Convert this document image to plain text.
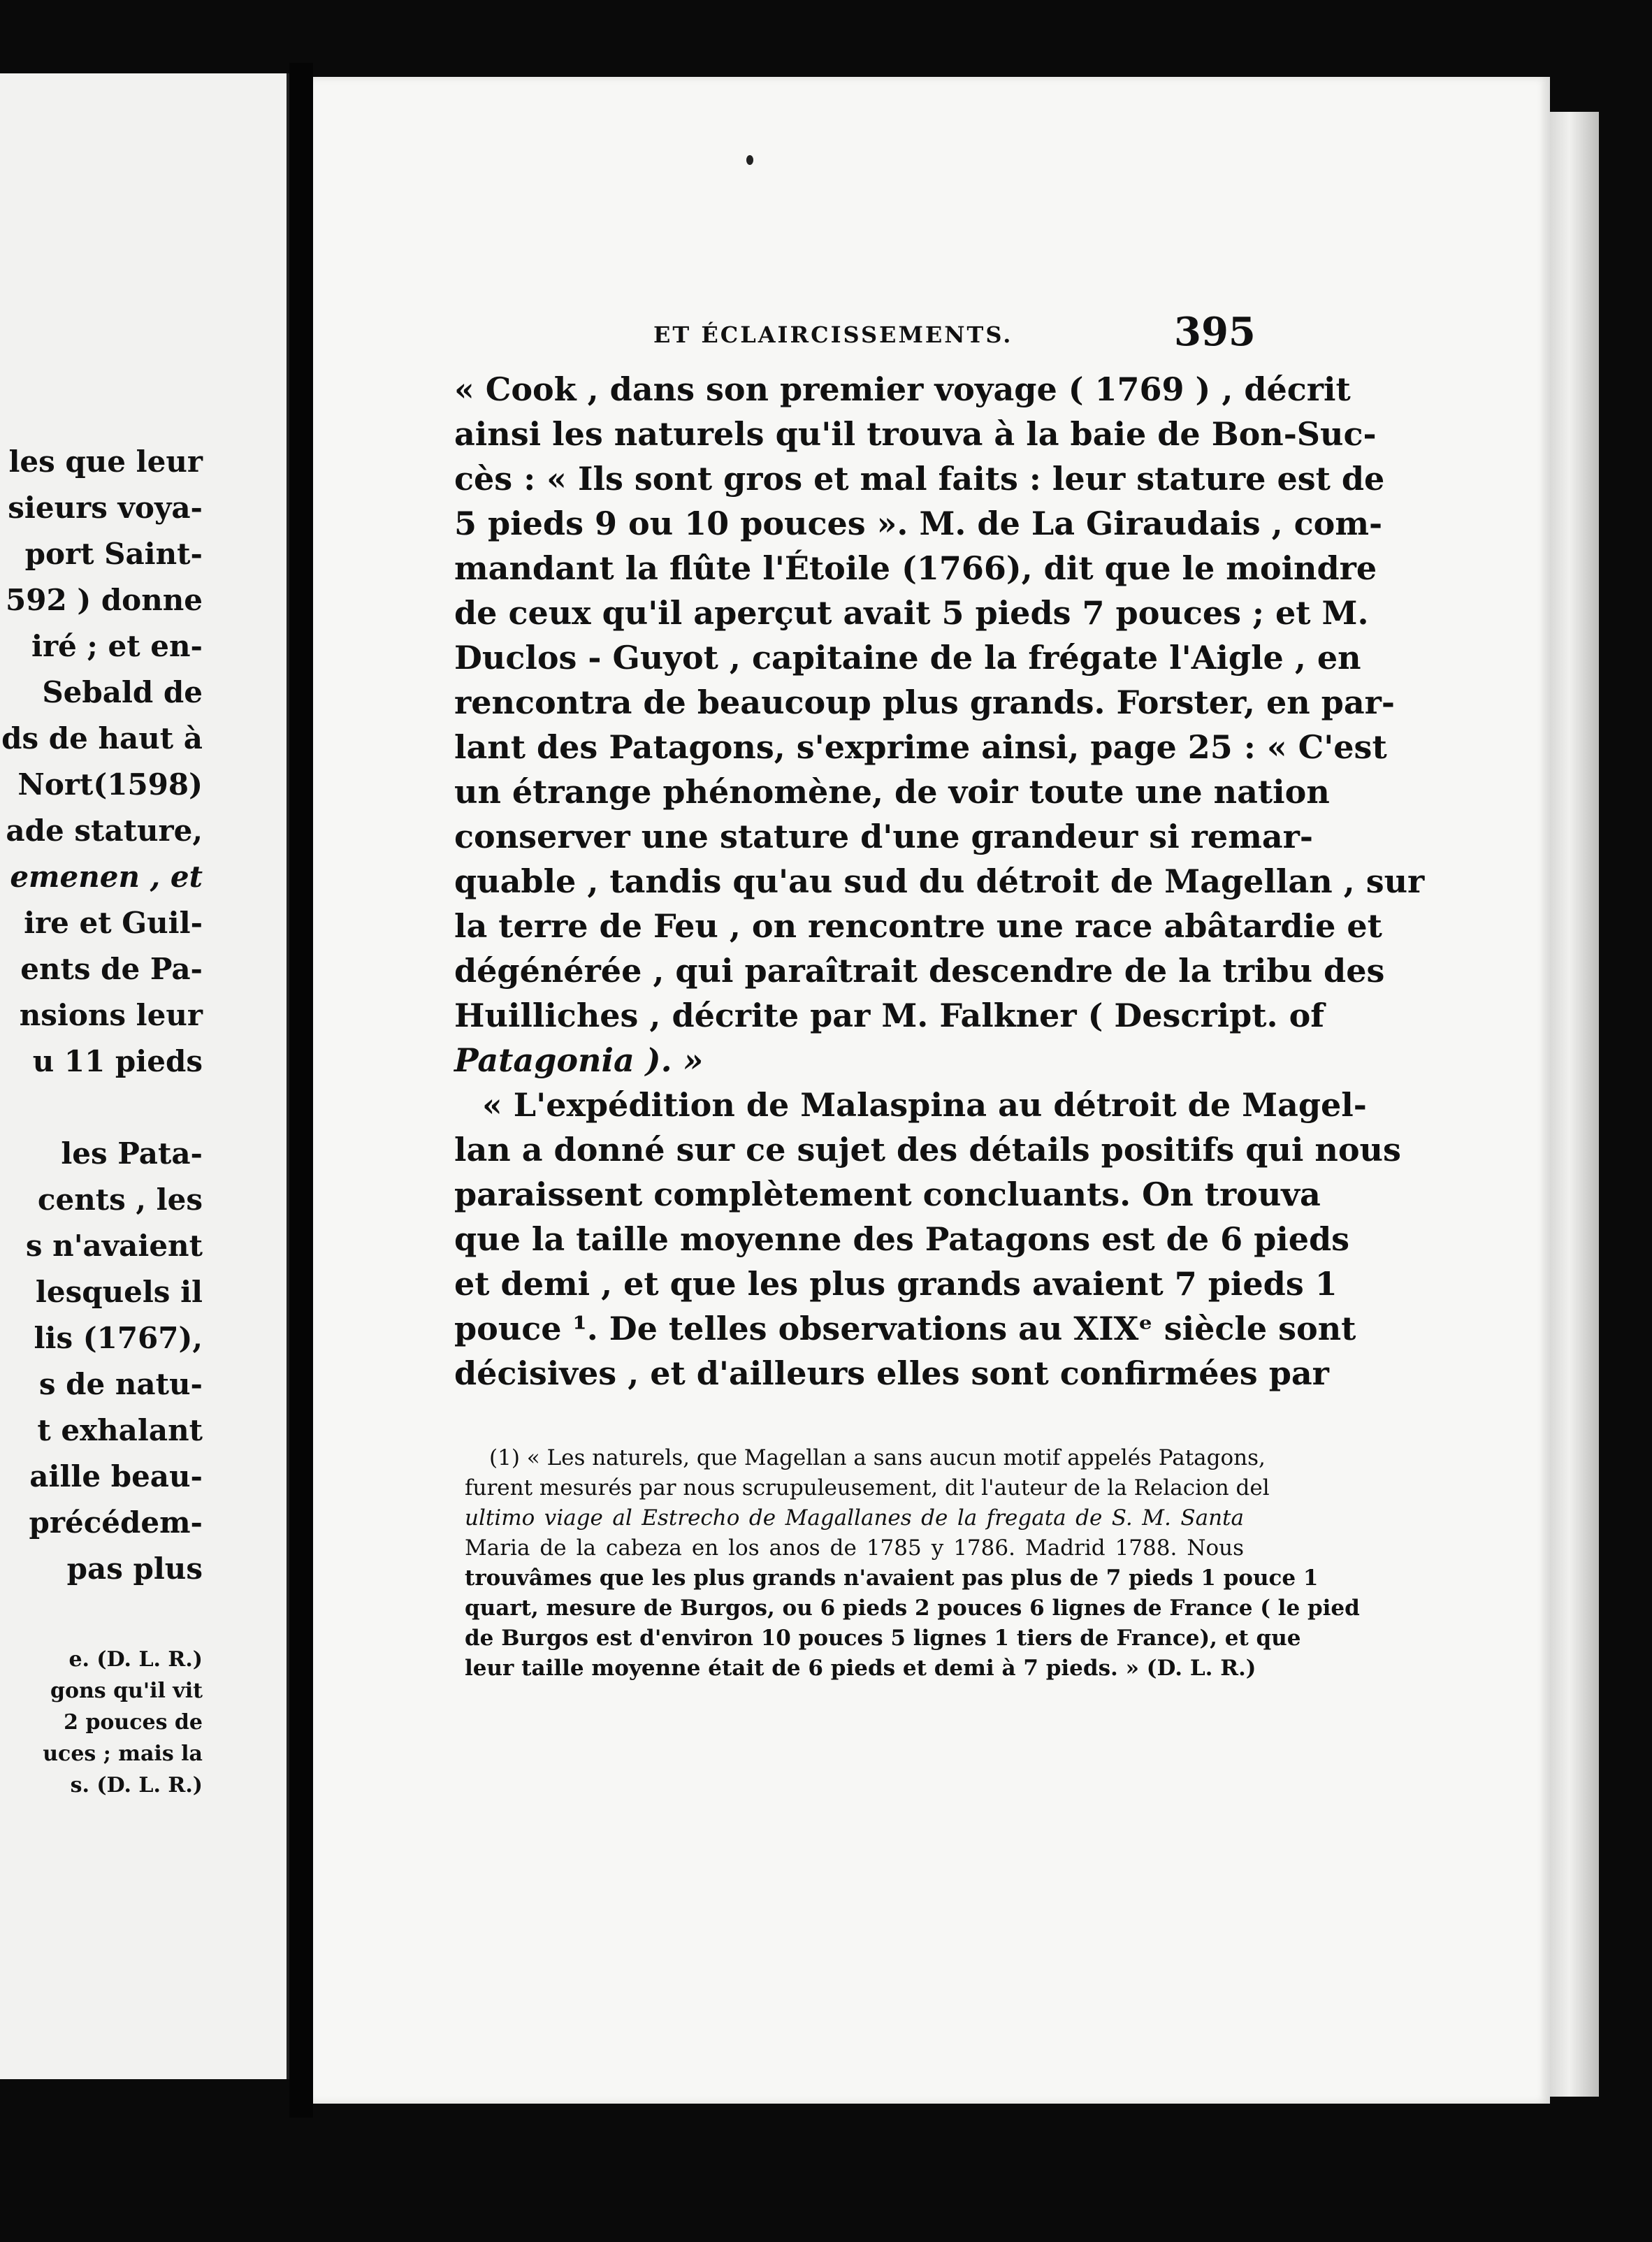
les que leur
sieurs voya-
port Saint-
592 ) donne
iré ; et en-
Sebald de
ds de haut à
Nort(1598)
ade stature,
emenen , et
ire et Guil-
ents de Pa-
nsions leur
u 11 pieds
les Pata-
cents , les
s n'avaient
lesquels il
lis (1767),
s de natu-
t exhalant
aille beau-
précédem-
pas plus
e. (D. L. R.)
gons qu'il vit
2 pouces de
uces ; mais la
s. (D. L. R.)
ET ÉCLAIRCISSEMENTS.	395
« Cook , dans son premier voyage ( 1769 ) , décrit
ainsi les naturels qu'il trouva à la baie de Bon-Suc-
cès : « Ils sont gros et mal faits : leur stature est de
5 pieds 9 ou 10 pouces ». M. de La Giraudais , com-
mandant la flûte l'Étoile (1766), dit que le moindre
de ceux qu'il aperçut avait 5 pieds 7 pouces ; et M.
Duclos - Guyot , capitaine de la frégate l'Aigle , en
rencontra de beaucoup plus grands. Forster, en par-
lant des Patagons, s'exprime ainsi, page 25 : « C'est
un étrange phénomène, de voir toute une nation
conserver une stature d'une grandeur si remar-
quable , tandis qu'au sud du détroit de Magellan , sur
la terre de Feu , on rencontre une race abâtardie et
dégénérée , qui paraîtrait descendre de la tribu des
Huilliches , décrite par M. Falkner ( Descript. of
Patagonia ). »
« L'expédition de Malaspina au détroit de Magel-
lan a donné sur ce sujet des détails positifs qui nous
paraissent complètement concluants. On trouva
que la taille moyenne des Patagons est de 6 pieds
et demi , et que les plus grands avaient 7 pieds 1
pouce ¹. De telles observations au XIXᵉ siècle sont
décisives , et d'ailleurs elles sont confirmées par
(1) « Les naturels, que Magellan a sans aucun motif appelés Patagons,
furent mesurés par nous scrupuleusement, dit l'auteur de la Relacion del
ultimo viage al Estrecho de Magallanes de la fregata de S. M. Santa
Maria de la cabeza en los anos de 1785 y 1786. Madrid 1788. Nous
trouvâmes que les plus grands n'avaient pas plus de 7 pieds 1 pouce 1
quart, mesure de Burgos, ou 6 pieds 2 pouces 6 lignes de France ( le pied
de Burgos est d'environ 10 pouces 5 lignes 1 tiers de France), et que
leur taille moyenne était de 6 pieds et demi à 7 pieds. » (D. L. R.)
